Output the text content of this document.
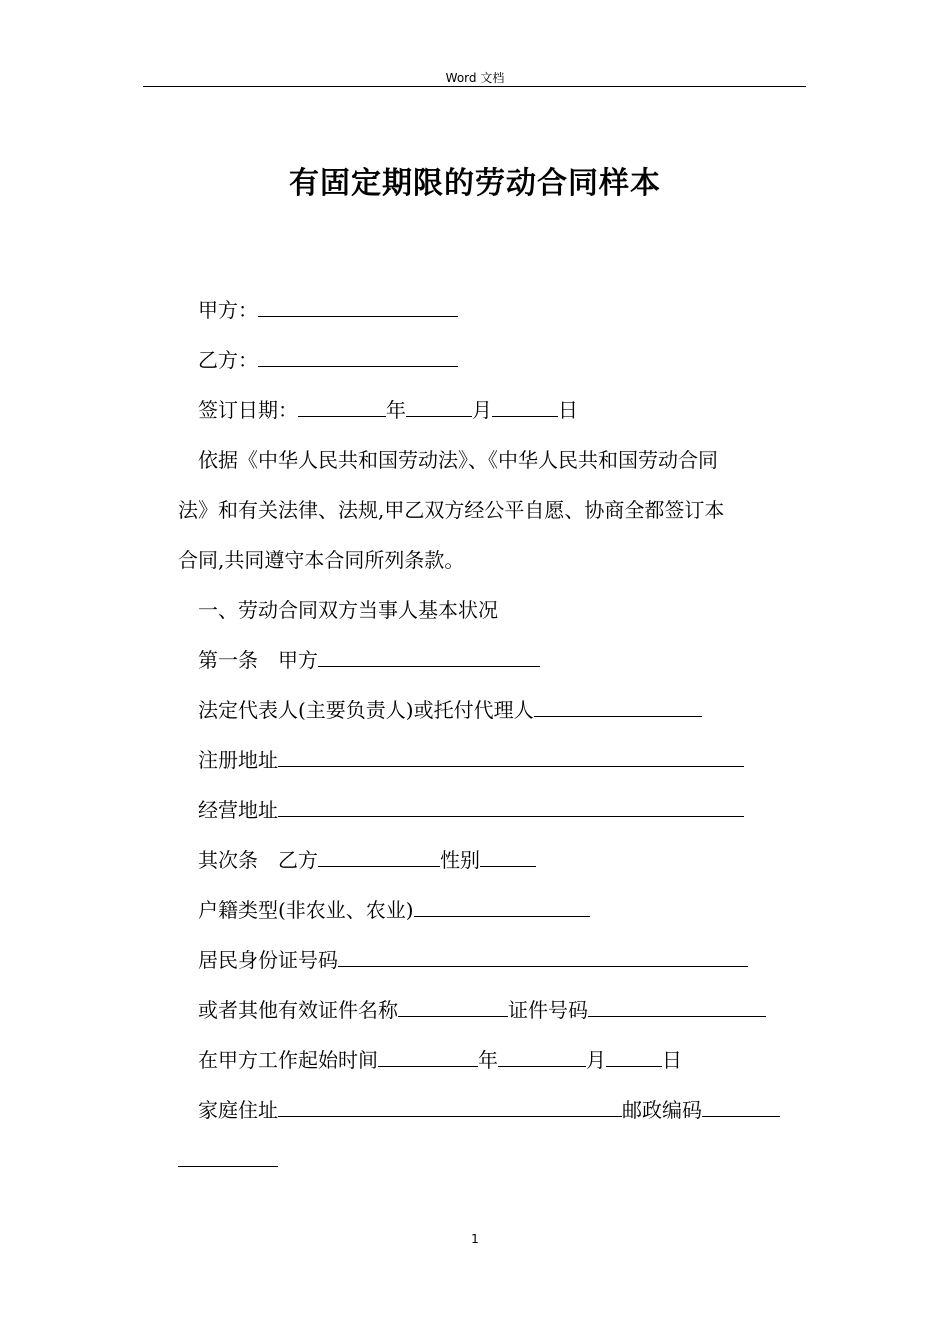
Word 文档
有固定期限的劳动合同样本
甲方：
乙方：
签订日期：	年	月	日
依据《中华人民共和国劳动法》、《中华人民共和国劳动合同
法》和有关法律、法规,甲乙双方经公平自愿、协商全都签订本
合同,共同遵守本合同所列条款。
一、劳动合同双方当事人基本状况
第一条　甲方
法定代表人(主要负责人)或托付代理人
注册地址
经营地址
其次条　乙方	性别
户籍类型(非农业、农业)
居民身份证号码
或者其他有效证件名称	证件号码
在甲方工作起始时间	年	月	日
家庭住址	邮政编码
1
